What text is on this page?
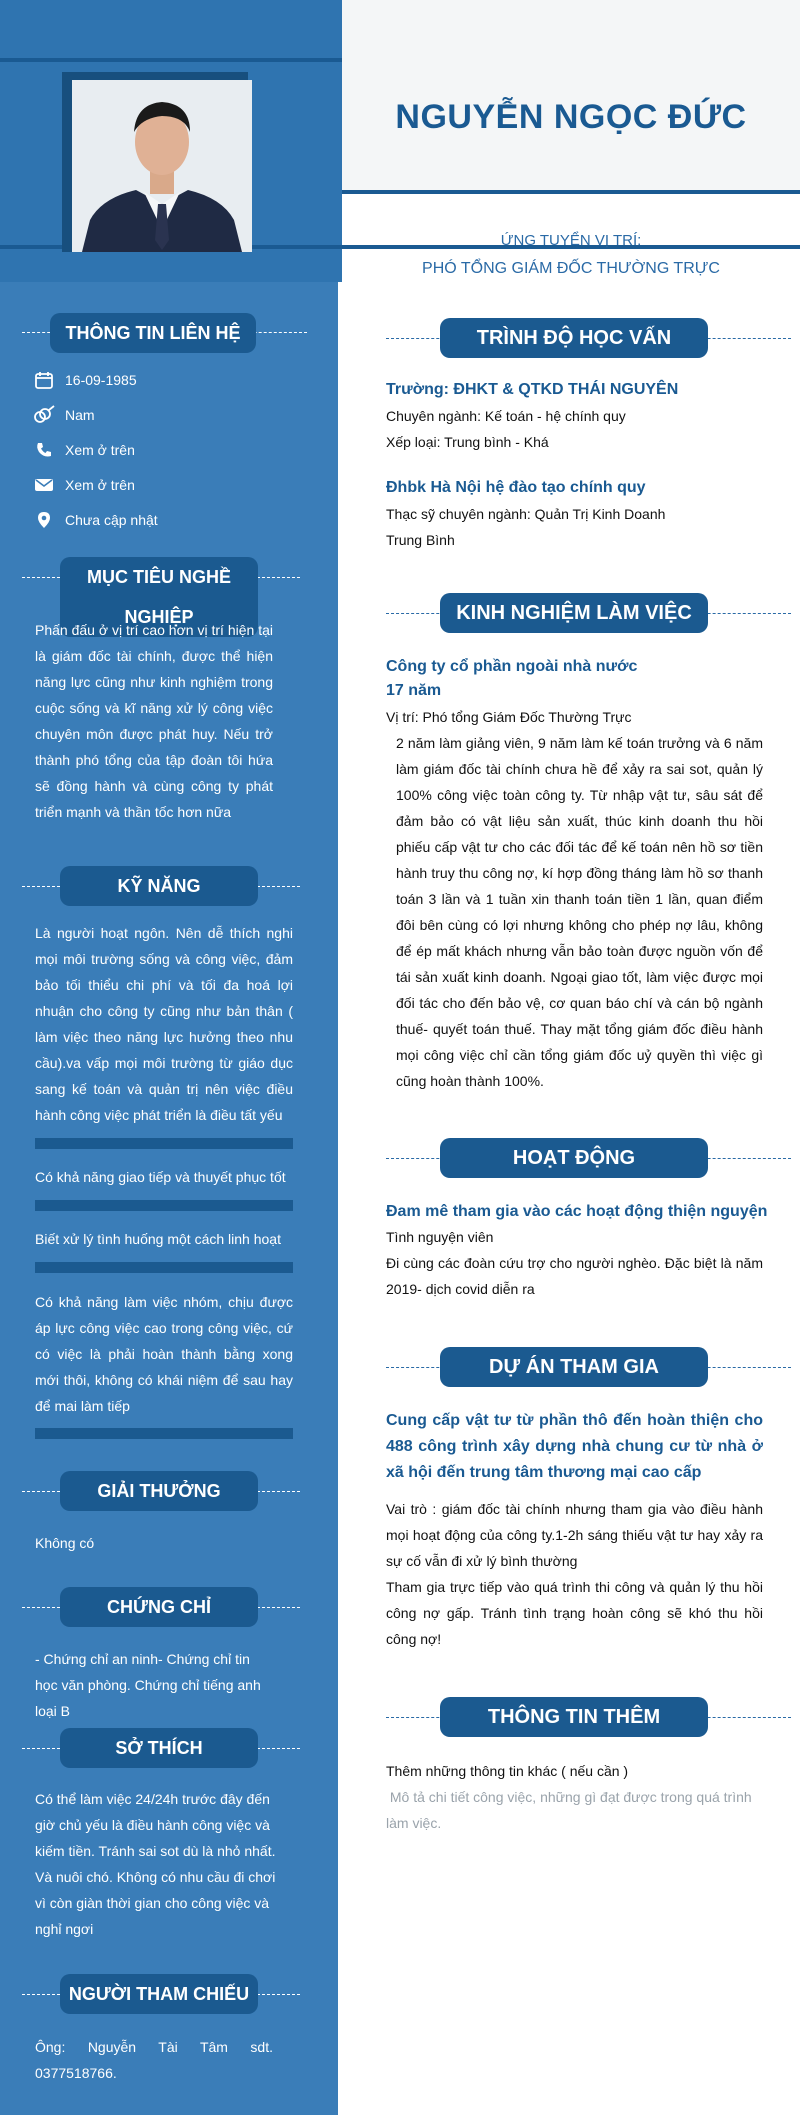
NGUYỄN NGỌC ĐỨC
ỨNG TUYỂN VỊ TRÍ:
PHÓ TỔNG GIÁM ĐỐC THƯỜNG TRỰC
THÔNG TIN LIÊN HỆ
16-09-1985
Nam
Xem ở trên
Xem ở trên
Chưa cập nhật
MỤC TIÊU NGHỀ
NGHIỆP
Phấn đấu ở vị trí cao hơn vị trí hiện tại là giám đốc tài chính, được thể hiện năng lực cũng như kinh nghiệm trong cuộc sống và kĩ năng xử lý công việc chuyên môn được phát huy. Nếu trở thành phó tổng của tập đoàn tôi hứa sẽ đồng hành và cùng công ty phát triển mạnh và thần tốc hơn nữa
KỸ NĂNG
Là người hoạt ngôn. Nên dễ thích nghi mọi môi trường sống và công việc, đảm bảo tối thiểu chi phí và tối đa hoá lợi nhuận cho công ty cũng như bản thân ( làm việc theo năng lực hưởng theo nhu cầu).va vấp mọi môi trường từ giáo dục sang kế toán và quản trị nên việc điều hành công việc phát triển là điều tất yếu
Có khả năng giao tiếp và thuyết phục tốt
Biết xử lý tình huống một cách linh hoạt
Có khả năng làm việc nhóm, chịu được áp lực công việc cao trong công việc, cứ có việc là phải hoàn thành bằng xong mới thôi, không có khái niệm để sau hay để mai làm tiếp
GIẢI THƯỞNG
Không có
CHỨNG CHỈ
- Chứng chỉ an ninh- Chứng chỉ tin học văn phòng. Chứng chỉ tiếng anh loại B
SỞ THÍCH
Có thể làm việc 24/24h trước đây đến giờ chủ yếu là điều hành công việc và kiếm tiền. Tránh sai sot dù là nhỏ nhất. Và nuôi chó. Không có nhu cầu đi chơi vì còn giàn thời gian cho công việc và nghỉ ngơi
NGƯỜI THAM CHIẾU
Ông: Nguyễn Tài Tâm sdt. 0377518766.
TRÌNH ĐỘ HỌC VẤN
Trường: ĐHKT & QTKD THÁI NGUYÊN
Chuyên ngành: Kế toán - hệ chính quy
Xếp loại: Trung bình - Khá
Đhbk Hà Nội hệ đào tạo chính quy
Thạc sỹ chuyên ngành: Quản Trị Kinh Doanh
Trung Bình
KINH NGHIỆM LÀM VIỆC
Công ty cổ phần ngoài nhà nước
17 năm
Vị trí: Phó tổng Giám Đốc Thường Trực
2 năm làm giảng viên, 9 năm làm kế toán trưởng và 6 năm làm giám đốc tài chính chưa hề để xảy ra sai sot, quản lý 100% công việc toàn công ty. Từ nhập vật tư, sâu sát để đảm bảo có vật liệu sản xuất, thúc kinh doanh thu hồi phiếu cấp vật tư cho các đối tác để kế toán nên hồ sơ tiền hành truy thu công nợ, kí hợp đồng tháng làm hồ sơ thanh toán 3 lần và 1 tuần xin thanh toán tiền 1 lần, quan điểm đôi bên cùng có lợi nhưng không cho phép nợ lâu, không để ép mất khách nhưng vẫn bảo toàn được nguồn vốn để tái sản xuất kinh doanh. Ngoại giao tốt, làm việc được mọi đối tác cho đến bảo vệ, cơ quan báo chí và cán bộ ngành thuế- quyết toán thuế. Thay mặt tổng giám đốc điều hành mọi công việc chỉ cần tổng giám đốc uỷ quyền thì việc gì cũng hoàn thành 100%.
HOẠT ĐỘNG
Đam mê tham gia vào các hoạt động thiện nguyện
Tình nguyện viên
Đi cùng các đoàn cứu trợ cho người nghèo. Đặc biệt là năm 2019- dịch covid diễn ra
DỰ ÁN THAM GIA
Cung cấp vật tư từ phần thô đến hoàn thiện cho 488 công trình xây dựng nhà chung cư từ nhà ở xã hội đến trung tâm thương mại cao cấp
Vai trò : giám đốc tài chính nhưng tham gia vào điều hành mọi hoạt động của công ty.1-2h sáng thiếu vật tư hay xảy ra sự cố vẫn đi xử lý bình thường
Tham gia trực tiếp vào quá trình thi công và quản lý thu hồi công nợ gấp. Tránh tình trạng hoàn công sẽ khó thu hồi công nợ!
THÔNG TIN THÊM
Thêm những thông tin khác ( nếu cần )
Mô tả chi tiết công việc, những gì đạt được trong quá trình làm việc.
